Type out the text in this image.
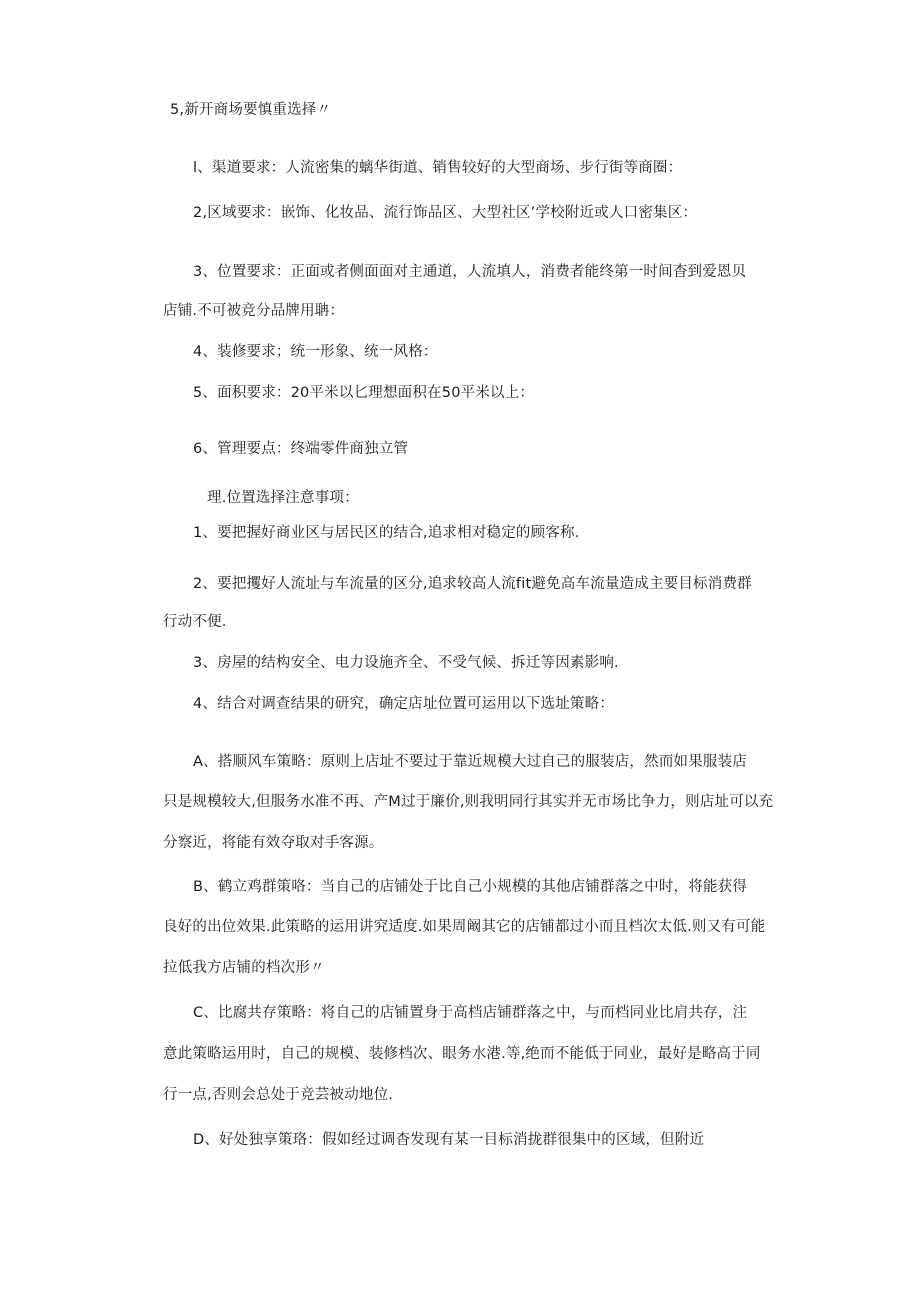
5,新开商场要慎重选择〃
l、渠道要求：人流密集的螭华街道、销售较好的大型商场、步行街等商圈：
2,区域要求：嵌饰、化妆品、流行饰品区、大型社区’学校附近或人口密集区：
3、位置要求：正面或者侧面面对主通道，人流填人，消费者能终第一时间杳到爱恩贝
店铺.不可被竞分品牌用聃：
4、装修要求；统一形象、统一风格：
5、面积要求：20平米以匕理想面积在50平米以上：
6、管理要点：终端零件商独立管
理.位置选择注意事项：
1、要把握好商业区与居民区的结合,追求相对稳定的顾客称.
2、要把攫好人流址与车流量的区分,追求较高人流fit避免高车流量造成主要目标消费群
行动不便.
3、房屋的结构安全、电力设施齐全、不受气候、拆迁等因素影响.
4、结合对调查结果的研究，确定店址位置可运用以下选址策略：
A、搭顺风车策略：原则上店址不要过于靠近规模大过自己的服装店，然而如果服装店
只是规模较大,但服务水准不再、产M过于廉价,则我明同行其实并无市场比争力，则店址可以充
分察近，将能有效夺取对手客源。
B、鹤立鸡群策咯：当自己的店铺处于比自己小规模的其他店铺群落之中时，将能获得
良好的出位效果.此策略的运用讲究适度.如果周阚其它的店铺都过小而且档次太低.则又有可能
拉低我方店铺的档次形〃
C、比腐共存策略：将自己的店铺置身于高档店铺群落之中，与而档同业比肩共存，注
意此策略运用时，自己的规模、装修档次、眼务水港.等,绝而不能低于同业，最好是略高于同
行一点,否则会总处于竞芸被动地位.
D、好处独享策珞：假如经过调杳发现有某一目标消拢群很集中的区域，但附近
